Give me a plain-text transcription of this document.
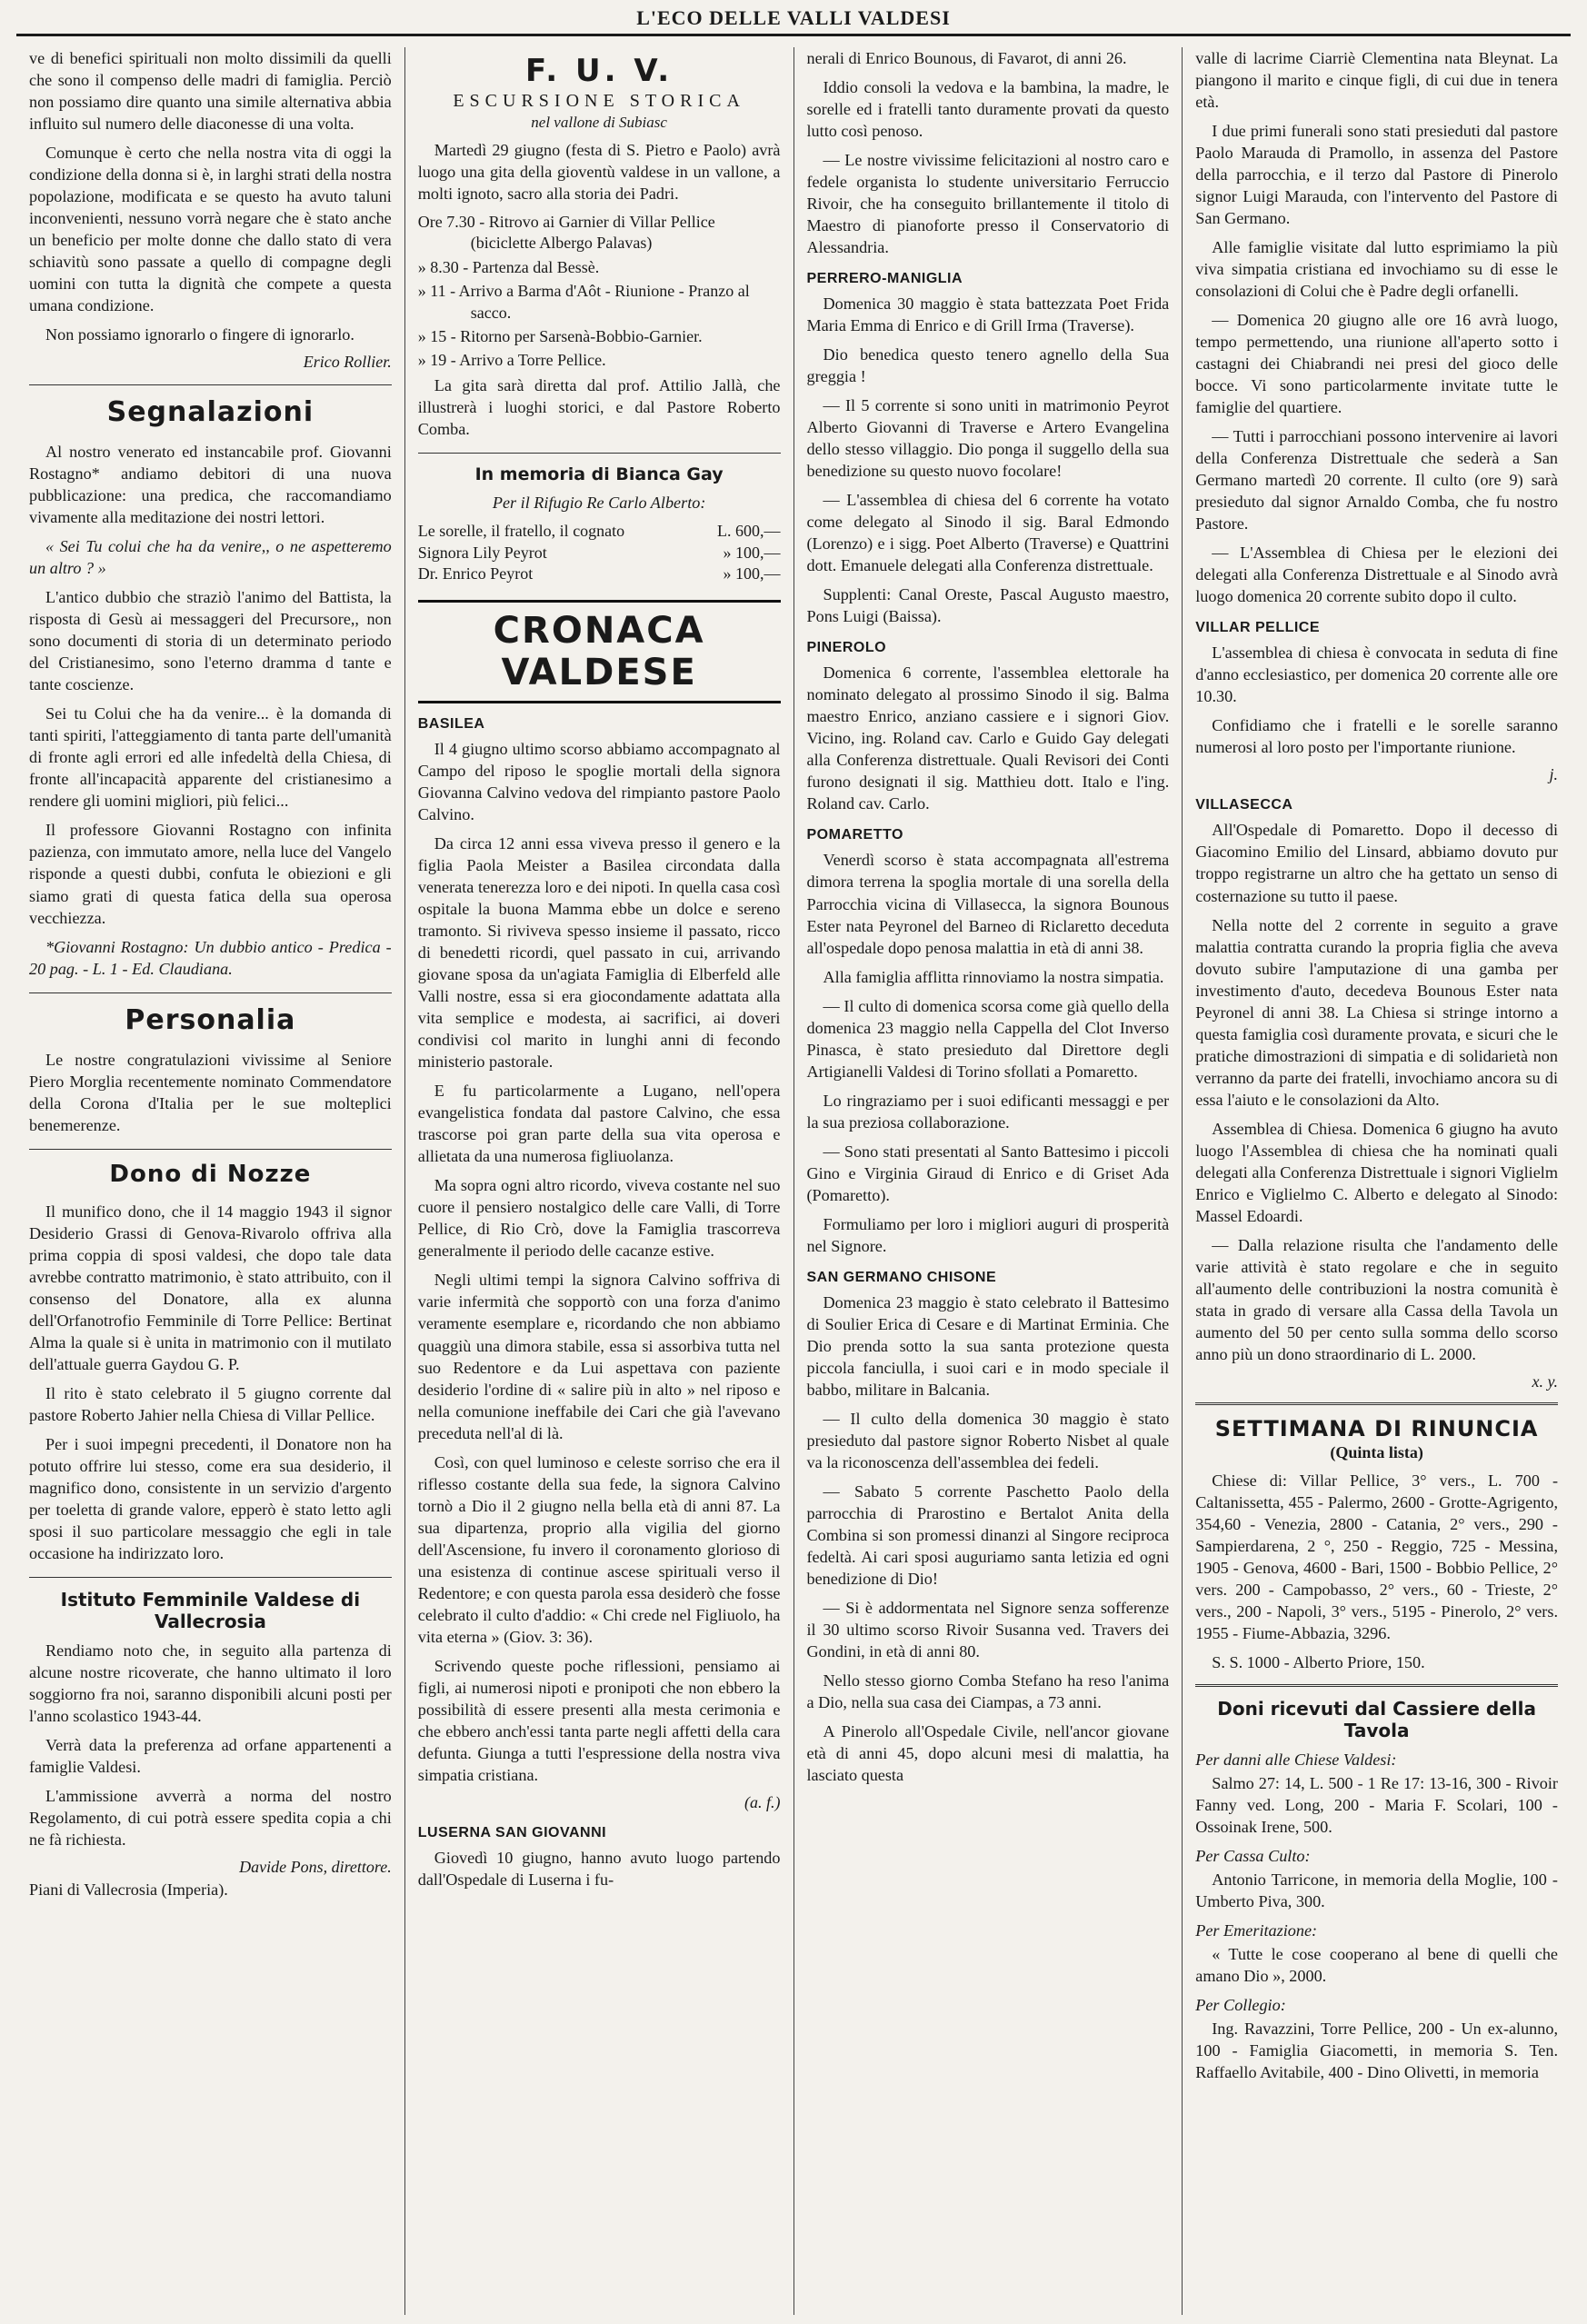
L'ECO DELLE VALLI VALDESI

ve di benefici spirituali non molto dissimili da quelli che sono il compenso delle madri di famiglia. Perciò non possiamo dire quanto una simile alternativa abbia influito sul numero delle diaconesse di una volta.

Comunque è certo che nella nostra vita di oggi la condizione della donna si è, in larghi strati della nostra popolazione, modificata e se questo ha avuto taluni inconvenienti, nessuno vorrà negare che è stato anche un beneficio per molte donne che dallo stato di vera schiavitù sono passate a quello di compagne degli uomini con tutta la dignità che compete a questa umana condizione.

Non possiamo ignorarlo o fingere di ignorarlo.

Erico Rollier.
Segnalazioni

Al nostro venerato ed instancabile prof. Giovanni Rostagno* andiamo debitori di una nuova pubblicazione: una predica, che raccomandiamo vivamente alla meditazione dei nostri lettori.

« Sei Tu colui che ha da venire,, o ne aspetteremo un altro ? »

L'antico dubbio che straziò l'animo del Battista, la risposta di Gesù ai messaggeri del Precursore,, non sono documenti di storia di un determinato periodo del Cristianesimo, sono l'eterno dramma d tante e tante coscienze.

Sei tu Colui che ha da venire... è la domanda di tanti spiriti, l'atteggiamento di tanta parte dell'umanità di fronte agli errori ed alle infedeltà della Chiesa, di fronte all'incapacità apparente del cristianesimo a rendere gli uomini migliori, più felici...

Il professore Giovanni Rostagno con infinita pazienza, con immutato amore, nella luce del Vangelo risponde a questi dubbi, confuta le obiezioni e gli siamo grati di questa fatica della sua operosa vecchiezza.

*Giovanni Rostagno: Un dubbio antico - Predica - 20 pag. - L. 1 - Ed. Claudiana.

Personalia

Le nostre congratulazioni vivissime al Seniore Piero Morglia recentemente nominato Commendatore della Corona d'Italia per le sue molteplici benemerenze.

Dono di Nozze

Il munifico dono, che il 14 maggio 1943 il signor Desiderio Grassi di Genova-Rivarolo offriva alla prima coppia di sposi valdesi, che dopo tale data avrebbe contratto matrimonio, è stato attribuito, con il consenso del Donatore, alla ex alunna dell'Orfanotrofio Femminile di Torre Pellice: Bertinat Alma la quale si è unita in matrimonio con il mutilato dell'attuale guerra Gaydou G. P.

Il rito è stato celebrato il 5 giugno corrente dal pastore Roberto Jahier nella Chiesa di Villar Pellice.

Per i suoi impegni precedenti, il Donatore non ha potuto offrire lui stesso, come era sua desiderio, il magnifico dono, consistente in un servizio d'argento per toeletta di grande valore, epperò è stato letto agli sposi il suo particolare messaggio che egli in tale occasione ha indirizzato loro.

Istituto Femminile Valdese di Vallecrosia

Rendiamo noto che, in seguito alla partenza di alcune nostre ricoverate, che hanno ultimato il loro soggiorno fra noi, saranno disponibili alcuni posti per l'anno scolastico 1943-44.

Verrà data la preferenza ad orfane appartenenti a famiglie Valdesi.

L'ammissione avverrà a norma del nostro Regolamento, di cui potrà essere spedita copia a chi ne fà richiesta.

Davide Pons, direttore.

Piani di Vallecrosia (Imperia).

F. U. V.
ESCURSIONE STORICA
nel vallone di Subiasc

Martedì 29 giugno (festa di S. Pietro e Paolo) avrà luogo una gita della gioventù valdese in un vallone, a molti ignoto, sacro alla storia dei Padri.

Ore 7.30 - Ritrovo ai Garnier di Villar Pellice (biciclette Albergo Palavas)
» 8.30 - Partenza dal Bessè.
» 11 - Arrivo a Barma d'Aôt - Riunione - Pranzo al sacco.
» 15 - Ritorno per Sarsenà-Bobbio-Garnier.
» 19 - Arrivo a Torre Pellice.

La gita sarà diretta dal prof. Attilio Jallà, che illustrerà i luoghi storici, e dal Pastore Roberto Comba.

In memoria di Bianca Gay

Per il Rifugio Re Carlo Alberto:

Le sorelle, il fratello, il cognato	L. 600,—
Signora Lily Peyrot	» 100,—
Dr. Enrico Peyrot	» 100,—
CRONACA VALDESE
BASILEA

Il 4 giugno ultimo scorso abbiamo accompagnato al Campo del riposo le spoglie mortali della signora Giovanna Calvino vedova del rimpianto pastore Paolo Calvino.

Da circa 12 anni essa viveva presso il genero e la figlia Paola Meister a Basilea circondata dalla venerata tenerezza loro e dei nipoti. In quella casa così ospitale la buona Mamma ebbe un dolce e sereno tramonto. Si riviveva spesso insieme il passato, ricco di benedetti ricordi, quel passato in cui, arrivando giovane sposa da un'agiata Famiglia di Elberfeld alle Valli nostre, essa si era giocondamente adattata alla vita semplice e modesta, ai sacrifici, ai doveri condivisi col marito in lunghi anni di fecondo ministerio pastorale.

E fu particolarmente a Lugano, nell'opera evangelistica fondata dal pastore Calvino, che essa trascorse poi gran parte della sua vita operosa e allietata da una numerosa figliuolanza.

Ma sopra ogni altro ricordo, viveva costante nel suo cuore il pensiero nostalgico delle care Valli, di Torre Pellice, di Rio Crò, dove la Famiglia trascorreva generalmente il periodo delle cacanze estive.

Negli ultimi tempi la signora Calvino soffriva di varie infermità che sopportò con una forza d'animo veramente esemplare e, ricordando che non abbiamo quaggiù una dimora stabile, essa si assorbiva tutta nel suo Redentore e da Lui aspettava con paziente desiderio l'ordine di « salire più in alto » nel riposo e nella comunione ineffabile dei Cari che già l'avevano preceduta nell'al di là.

Così, con quel luminoso e celeste sorriso che era il riflesso costante della sua fede, la signora Calvino tornò a Dio il 2 giugno nella bella età di anni 87. La sua dipartenza, proprio alla vigilia del giorno dell'Ascensione, fu invero il coronamento glorioso di una esistenza di continue ascese spirituali verso il Redentore; e con questa parola essa desiderò che fosse celebrato il culto d'addio: « Chi crede nel Figliuolo, ha vita eterna » (Giov. 3: 36).

Scrivendo queste poche riflessioni, pensiamo ai figli, ai numerosi nipoti e pronipoti che non ebbero la possibilità di essere presenti alla mesta cerimonia e che ebbero anch'essi tanta parte negli affetti della cara defunta. Giunga a tutti l'espressione della nostra viva simpatia cristiana.

(a. f.)
LUSERNA SAN GIOVANNI

Giovedì 10 giugno, hanno avuto luogo partendo dall'Ospedale di Luserna i fu-

nerali di Enrico Bounous, di Favarot, di anni 26.

Iddio consoli la vedova e la bambina, la madre, le sorelle ed i fratelli tanto duramente provati da questo lutto così penoso.

— Le nostre vivissime felicitazioni al nostro caro e fedele organista lo studente universitario Ferruccio Rivoir, che ha conseguito brillantemente il titolo di Maestro di pianoforte presso il Conservatorio di Alessandria.

PERRERO-MANIGLIA

Domenica 30 maggio è stata battezzata Poet Frida Maria Emma di Enrico e di Grill Irma (Traverse).

Dio benedica questo tenero agnello della Sua greggia !

— Il 5 corrente si sono uniti in matrimonio Peyrot Alberto Giovanni di Traverse e Artero Evangelina dello stesso villaggio. Dio ponga il suggello della sua benedizione su questo nuovo focolare!

— L'assemblea di chiesa del 6 corrente ha votato come delegato al Sinodo il sig. Baral Edmondo (Lorenzo) e i sigg. Poet Alberto (Traverse) e Quattrini dott. Emanuele delegati alla Conferenza distrettuale.

Supplenti: Canal Oreste, Pascal Augusto maestro, Pons Luigi (Baissa).

PINEROLO

Domenica 6 corrente, l'assemblea elettorale ha nominato delegato al prossimo Sinodo il sig. Balma maestro Enrico, anziano cassiere e i signori Giov. Vicino, ing. Roland cav. Carlo e Guido Gay delegati alla Conferenza distrettuale. Quali Revisori dei Conti furono designati il sig. Matthieu dott. Italo e l'ing. Roland cav. Carlo.

POMARETTO

Venerdì scorso è stata accompagnata all'estrema dimora terrena la spoglia mortale di una sorella della Parrocchia vicina di Villasecca, la signora Bounous Ester nata Peyronel del Barneo di Riclaretto deceduta all'ospedale dopo penosa malattia in età di anni 38.

Alla famiglia afflitta rinnoviamo la nostra simpatia.

— Il culto di domenica scorsa come già quello della domenica 23 maggio nella Cappella del Clot Inverso Pinasca, è stato presieduto dal Direttore degli Artigianelli Valdesi di Torino sfollati a Pomaretto.

Lo ringraziamo per i suoi edificanti messaggi e per la sua preziosa collaborazione.

— Sono stati presentati al Santo Battesimo i piccoli Gino e Virginia Giraud di Enrico e di Griset Ada (Pomaretto).

Formuliamo per loro i migliori auguri di prosperità nel Signore.

SAN GERMANO CHISONE

Domenica 23 maggio è stato celebrato il Battesimo di Soulier Erica di Cesare e di Martinat Erminia. Che Dio prenda sotto la sua santa protezione questa piccola fanciulla, i suoi cari e in modo speciale il babbo, militare in Balcania.

— Il culto della domenica 30 maggio è stato presieduto dal pastore signor Roberto Nisbet al quale va la riconoscenza dell'assemblea dei fedeli.

— Sabato 5 corrente Paschetto Paolo della parrocchia di Prarostino e Bertalot Anita della Combina si son promessi dinanzi al Singore reciproca fedeltà. Ai cari sposi auguriamo santa letizia ed ogni benedizione di Dio!

— Si è addormentata nel Signore senza sofferenze il 30 ultimo scorso Rivoir Susanna ved. Travers dei Gondini, in età di anni 80.

Nello stesso giorno Comba Stefano ha reso l'anima a Dio, nella sua casa dei Ciampas, a 73 anni.

A Pinerolo all'Ospedale Civile, nell'ancor giovane età di anni 45, dopo alcuni mesi di malattia, ha lasciato questa

valle di lacrime Ciarriè Clementina nata Bleynat. La piangono il marito e cinque figli, di cui due in tenera età.

I due primi funerali sono stati presieduti dal pastore Paolo Marauda di Pramollo, in assenza del Pastore della parrocchia, e il terzo dal Pastore di Pinerolo signor Luigi Marauda, con l'intervento del Pastore di San Germano.

Alle famiglie visitate dal lutto esprimiamo la più viva simpatia cristiana ed invochiamo su di esse le consolazioni di Colui che è Padre degli orfanelli.

— Domenica 20 giugno alle ore 16 avrà luogo, tempo permettendo, una riunione all'aperto sotto i castagni dei Chiabrandi nei presi del gioco delle bocce. Vi sono particolarmente invitate tutte le famiglie del quartiere.

— Tutti i parrocchiani possono intervenire ai lavori della Conferenza Distrettuale che sederà a San Germano martedì 20 corrente. Il culto (ore 9) sarà presieduto dal signor Arnaldo Comba, che fu nostro Pastore.

— L'Assemblea di Chiesa per le elezioni dei delegati alla Conferenza Distrettuale e al Sinodo avrà luogo domenica 20 corrente subito dopo il culto.

VILLAR PELLICE

L'assemblea di chiesa è convocata in seduta di fine d'anno ecclesiastico, per domenica 20 corrente alle ore 10.30.

Confidiamo che i fratelli e le sorelle saranno numerosi al loro posto per l'importante riunione.

j.
VILLASECCA

All'Ospedale di Pomaretto. Dopo il decesso di Giacomino Emilio del Linsard, abbiamo dovuto pur troppo registrarne un altro che ha gettato un senso di costernazione su tutto il paese.

Nella notte del 2 corrente in seguito a grave malattia contratta curando la propria figlia che aveva dovuto subire l'amputazione di una gamba per investimento d'auto, decedeva Bounous Ester nata Peyronel di anni 38. La Chiesa si stringe intorno a questa famiglia così duramente provata, e sicuri che le pratiche dimostrazioni di simpatia e di solidarietà non verranno da parte dei fratelli, invochiamo ancora su di essa l'aiuto e le consolazioni da Alto.

Assemblea di Chiesa. Domenica 6 giugno ha avuto luogo l'Assemblea di chiesa che ha nominati quali delegati alla Conferenza Distrettuale i signori Viglielm Enrico e Viglielmo C. Alberto e delegato al Sinodo: Massel Edoardi.

— Dalla relazione risulta che l'andamento delle varie attività è stato regolare e che in seguito all'aumento delle contribuzioni la nostra comunità è stata in grado di versare alla Cassa della Tavola un aumento del 50 per cento sulla somma dello scorso anno più un dono straordinario di L. 2000.

x. y.
SETTIMANA DI RINUNCIA
(Quinta lista)

Chiese di: Villar Pellice, 3° vers., L. 700 - Caltanissetta, 455 - Palermo, 2600 - Grotte-Agrigento, 354,60 - Venezia, 2800 - Catania, 2° vers., 290 - Sampierdarena, 2 °, 250 - Reggio, 725 - Messina, 1905 - Genova, 4600 - Bari, 1500 - Bobbio Pellice, 2° vers. 200 - Campobasso, 2° vers., 60 - Trieste, 2° vers., 200 - Napoli, 3° vers., 5195 - Pinerolo, 2° vers. 1955 - Fiume-Abbazia, 3296.

S. S. 1000 - Alberto Priore, 150.

Doni ricevuti dal Cassiere della Tavola

Per danni alle Chiese Valdesi:

Salmo 27: 14, L. 500 - 1 Re 17: 13-16, 300 - Rivoir Fanny ved. Long, 200 - Maria F. Scolari, 100 - Ossoinak Irene, 500.

Per Cassa Culto:

Antonio Tarricone, in memoria della Moglie, 100 - Umberto Piva, 300.

Per Emeritazione:

« Tutte le cose cooperano al bene di quelli che amano Dio », 2000.

Per Collegio:

Ing. Ravazzini, Torre Pellice, 200 - Un ex-alunno, 100 - Famiglia Giacometti, in memoria S. Ten. Raffaello Avitabile, 400 - Dino Olivetti, in memoria
